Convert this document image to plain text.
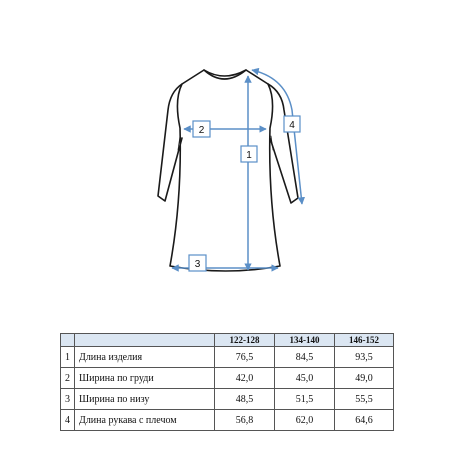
1
2
3
4
		122-128	134-140	146-152
1	Длина изделия	76,5	84,5	93,5
2	Ширина по груди	42,0	45,0	49,0
3	Ширина по низу	48,5	51,5	55,5
4	Длина рукава с плечом	56,8	62,0	64,6
